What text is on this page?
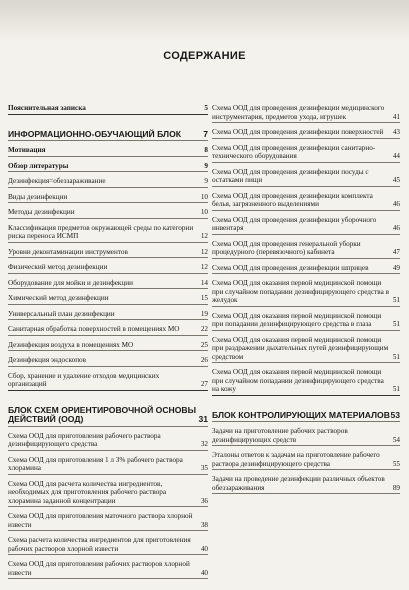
СОДЕРЖАНИЕ
Пояснительная записка	5
ИНФОРМАЦИОННО-ОБУЧАЮЩИЙ БЛОК	7
Мотивация	8
Обзор литературы	9
Дезинфекция=обеззараживание	9
Виды дезинфекции	10
Методы дезинфекции	10
Классификация предметов окружающей среды по категории риска переноса ИСМП	12
Уровни деконтаминации инструментов	12
Физический метод дезинфекции	12
Оборудование для мойки и дезинфекции	14
Химический метод дезинфекции	15
Универсальный план дезинфекции	19
Санитарная обработка поверхностей в помещениях МО	22
Дезинфекция воздуха в помещениях МО	25
Дезинфекция эндоскопов	26
Сбор, хранение и удаление отходов медицинских организаций	27
БЛОК СХЕМ ОРИЕНТИРОВОЧНОЙ ОСНОВЫ ДЕЙСТВИЙ (ООД)	31
Схема ООД для приготовления рабочего раствора дезинфицирующего средства	32
Схема ООД для приготовления 1 л 3% рабочего раствора хлорамина	35
Схема ООД для расчета количества ингредиентов, необходимых для приготовления рабочего раствора хлорамина заданной концентрации	36
Схема ООД для приготовления маточного раствора хлорной извести	38
Схема расчета количества ингредиентов для приготовления рабочих растворов хлорной извести	40
Схема ООД для приготовления рабочих растворов хлорной извести	40
Схема ООД для проведения дезинфекции медицинского инструментария, предметов ухода, игрушек	41
Схема ООД для проведения дезинфекции поверхностей 43
Схема ООД для проведения дезинфекции санитарно-технического оборудования	44
Схема ООД для проведения дезинфекции посуды с остатками пищи	45
Схема ООД для проведения дезинфекции комплекта белья, загрязненного выделениями	46
Схема ООД для проведения дезинфекции уборочного инвентаря	46
Схема ООД для проведения генеральной уборки процедурного (перевязочного) кабинета	47
Схема ООД для проведения дезинфекции шприцев	49
Схема ООД для оказания первой медицинской помощи при случайном попадании дезинфицирующего средства в желудок	51
Схема ООД для оказания первой медицинской помощи при попадании дезинфицирующего средства в глаза	51
Схема ООД для оказания первой медицинской помощи при раздражении дыхательных путей дезинфицирующим средством	51
Схема ООД для оказания первой медицинской помощи при случайном попадании дезинфицирующего средства на кожу	51
БЛОК КОНТРОЛИРУЮЩИХ МАТЕРИАЛОВ 53
Задачи на приготовление рабочих растворов дезинфицирующих средств	54
Эталоны ответов к задачам на приготовление рабочего раствора дезинфицирующего средства	55
Задачи на проведение дезинфекции различных объектов обеззараживания	89
